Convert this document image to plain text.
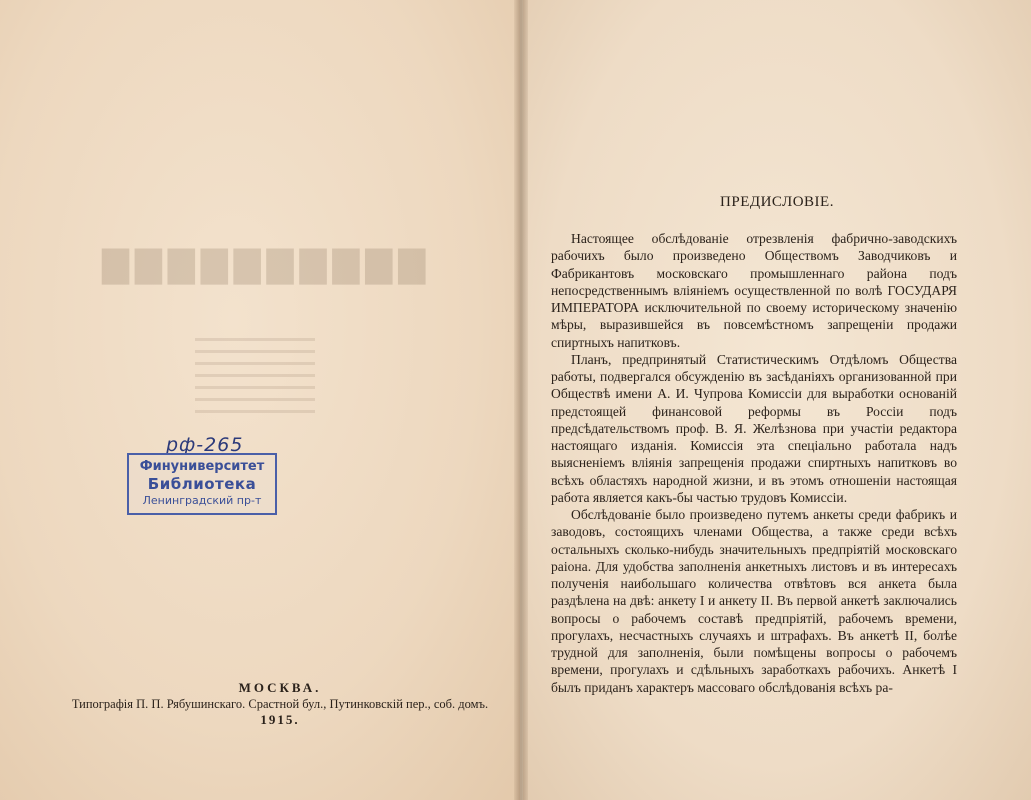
▇▇▇▇▇▇▇▇▇▇
рф-265
Финуниверситет
Библиотека
Ленинградский пр-т
МОСКВА.
Типографія П. П. Рябушинскаго. Срастной бул., Путинковскій пер., соб. домъ.
1915.
ПРЕДИСЛОВІЕ.

Настоящее обслѣдованіе отрезвленія фабрично-заводскихъ рабочихъ было произведено Обществомъ Заводчиковъ и Фабрикантовъ московскаго промышленнаго района подъ непосредственнымъ вліяніемъ осуществленной по волѣ ГОСУДАРЯ ИМПЕРАТОРА исключительной по своему историческому значенію мѣры, выразившейся въ повсемѣстномъ запрещеніи продажи спиртныхъ напитковъ.

Планъ, предпринятый Статистическимъ Отдѣломъ Общества работы, подвергался обсужденію въ засѣданіяхъ организованной при Обществѣ имени А. И. Чупрова Комиссіи для выработки основаній предстоящей финансовой реформы въ Россіи подъ предсѣдательствомъ проф. В. Я. Желѣзнова при участіи редактора настоящаго изданія. Комиссія эта спеціально работала надъ выясненіемъ вліянія запрещенія продажи спиртныхъ напитковъ во всѣхъ областяхъ народной жизни, и въ этомъ отношеніи настоящая работа является какъ-бы частью трудовъ Комиссіи.

Обслѣдованіе было произведено путемъ анкеты среди фабрикъ и заводовъ, состоящихъ членами Общества, а также среди всѣхъ остальныхъ сколько-нибудь значительныхъ предпріятій московскаго раіона. Для удобства заполненія анкетныхъ листовъ и въ интересахъ полученія наибольшаго количества отвѣтовъ вся анкета была раздѣлена на двѣ: анкету I и анкету II. Въ первой анкетѣ заключались вопросы о рабочемъ составѣ предпріятій, рабочемъ времени, прогулахъ, несчастныхъ случаяхъ и штрафахъ. Въ анкетѣ II, болѣе трудной для заполненія, были помѣщены вопросы о рабочемъ времени, прогулахъ и сдѣльныхъ заработкахъ рабочихъ. Анкетѣ I былъ приданъ характеръ массоваго обслѣдованія всѣхъ ра-
